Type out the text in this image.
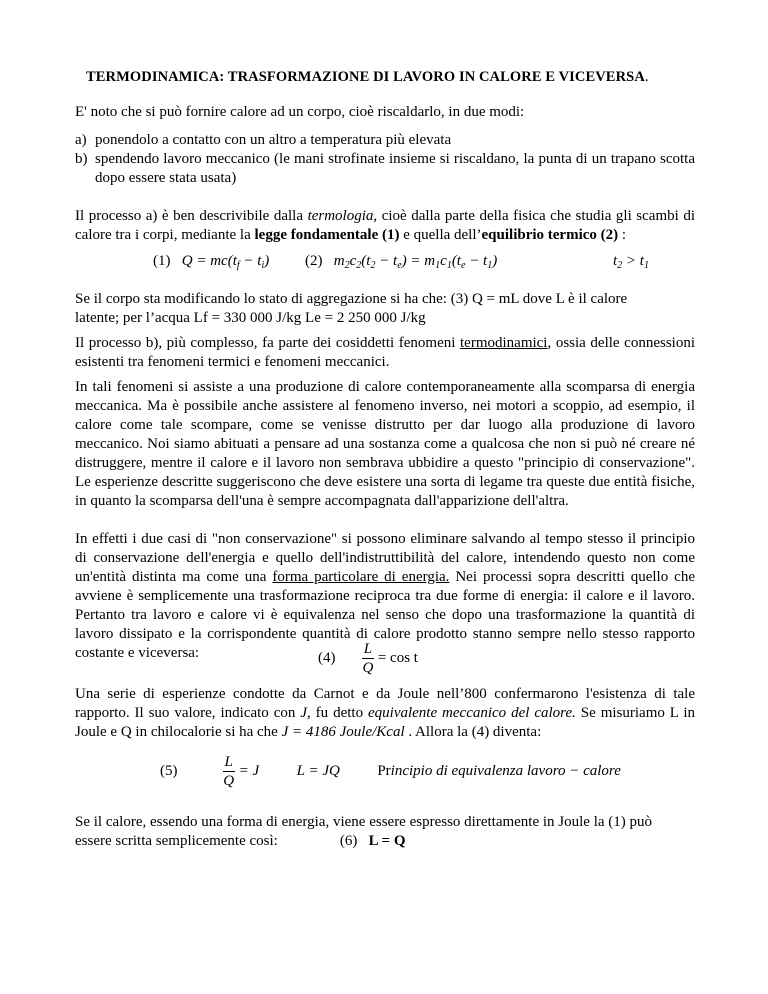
TERMODINAMICA: TRASFORMAZIONE DI LAVORO IN CALORE E VICEVERSA.
E' noto che si può fornire calore ad un corpo, cioè riscaldarlo, in due modi:
a) ponendolo a contatto con un altro a temperatura più elevata
b) spendendo lavoro meccanico (le mani strofinate insieme si riscaldano, la punta di un trapano scotta dopo essere stata usata)
Il processo a) è ben descrivibile dalla termologia, cioè dalla parte della fisica che studia gli scambi di calore tra i corpi, mediante la legge fondamentale (1) e quella dell’equilibrio termico (2) :
(1) $Q = mc(t_f - t_i)$ (2) $m_2c_2(t_2 - t_e) = m_1c_1(t_e - t_1)$	$t_2 > t_1$
Se il corpo sta modificando lo stato di aggregazione si ha che: (3) Q = mL dove L è il calore
latente; per l’acqua Lf = 330 000 J/kg Le = 2 250 000 J/kg
Il processo b), più complesso, fa parte dei cosiddetti fenomeni termodinamici, ossia delle connessioni esistenti tra fenomeni termici e fenomeni meccanici.
In tali fenomeni si assiste a una produzione di calore contemporaneamente alla scomparsa di energia meccanica. Ma è possibile anche assistere al fenomeno inverso, nei motori a scoppio, ad esempio, il calore come tale scompare, come se venisse distrutto per dar luogo alla produzione di lavoro meccanico. Noi siamo abituati a pensare ad una sostanza come a qualcosa che non si può né creare né distruggere, mentre il calore e il lavoro non sembrava ubbidire a questo "principio di conservazione". Le esperienze descritte suggeriscono che deve esistere una sorta di legame tra queste due entità fisiche, in quanto la scomparsa dell'una è sempre accompagnata dall'apparizione dell'altra.
In effetti i due casi di "non conservazione" si possono eliminare salvando al tempo stesso il principio di conservazione dell'energia e quello dell'indistruttibilità del calore, intendendo questo non come un'entità distinta ma come una forma particolare di energia. Nei processi sopra descritti quello che avviene è semplicemente una trasformazione reciproca tra due forme di energia: il calore e il lavoro. Pertanto tra lavoro e calore vi è equivalenza nel senso che dopo una trasformazione la quantità di lavoro dissipato e la corrispondente quantità di calore prodotto stanno sempre nello stesso rapporto costante e viceversa:	$(4) \frac{L}{Q} = \cos t$
Una serie di esperienze condotte da Carnot e da Joule nell’800 confermarono l'esistenza di tale rapporto. Il suo valore, indicato con J, fu detto equivalente meccanico del calore. Se misuriamo L in Joule e Q in chilocalorie si ha che J = 4186 Joule/Kcal . Allora la (4) diventa:
(5)	$\frac{L}{Q} = J$	L = JQ	Principio di equivalenza lavoro − calore
Se il calore, essendo una forma di energia, viene essere espresso direttamente in Joule la (1) può
essere scritta semplicemente così:	(6) L = Q
